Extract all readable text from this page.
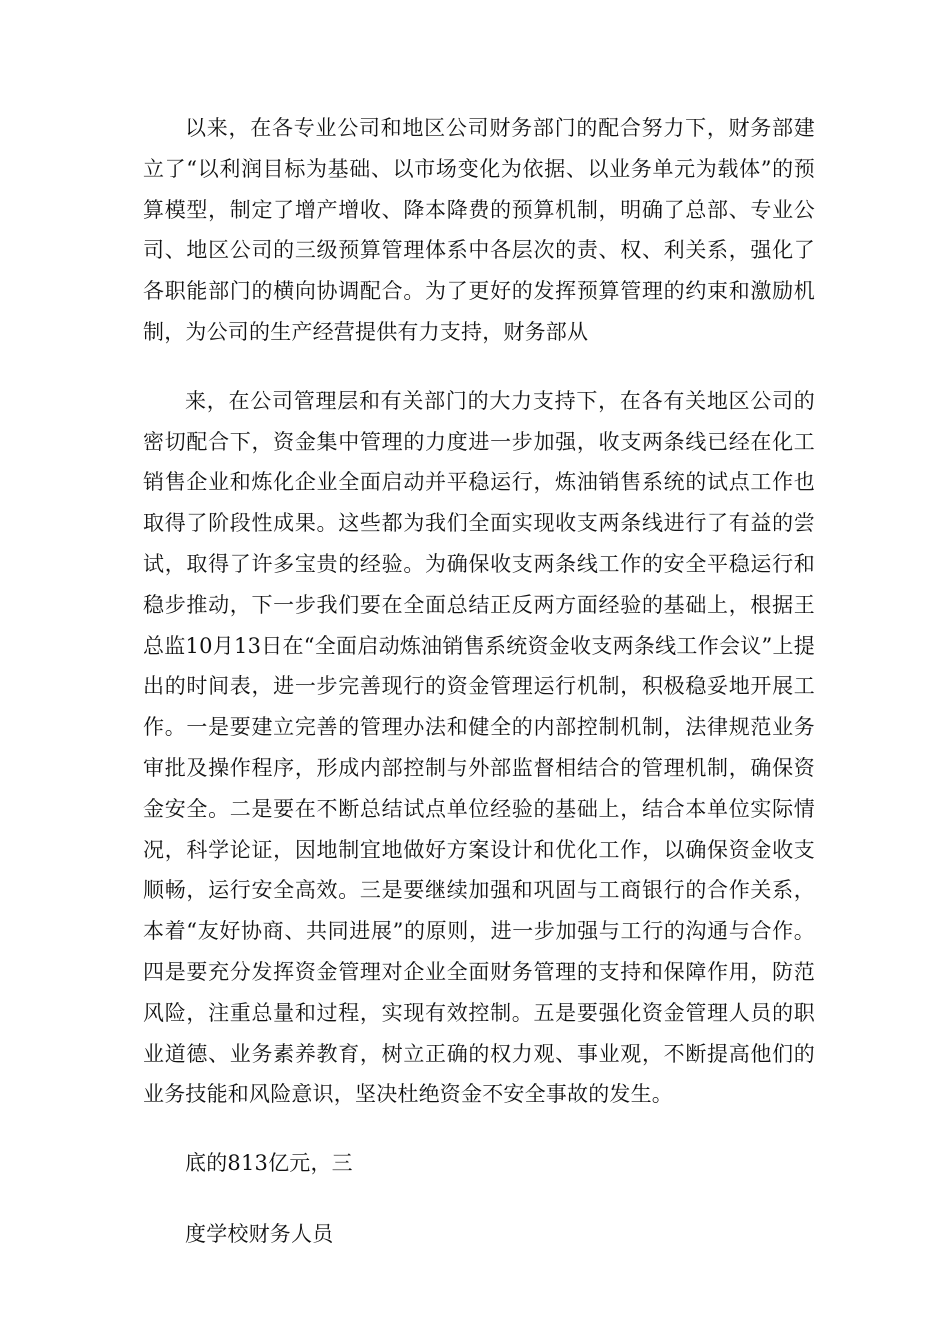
以来，在各专业公司和地区公司财务部门的配合努力下，财务部建立了“以利润目标为基础、以市场变化为依据、以业务单元为载体”的预算模型，制定了增产增收、降本降费的预算机制，明确了总部、专业公司、地区公司的三级预算管理体系中各层次的责、权、利关系，强化了各职能部门的横向协调配合。为了更好的发挥预算管理的约束和激励机制，为公司的生产经营提供有力支持，财务部从

来，在公司管理层和有关部门的大力支持下，在各有关地区公司的密切配合下，资金集中管理的力度进一步加强，收支两条线已经在化工销售企业和炼化企业全面启动并平稳运行，炼油销售系统的试点工作也取得了阶段性成果。这些都为我们全面实现收支两条线进行了有益的尝试，取得了许多宝贵的经验。为确保收支两条线工作的安全平稳运行和稳步推动，下一步我们要在全面总结正反两方面经验的基础上，根据王总监10月13日在“全面启动炼油销售系统资金收支两条线工作会议”上提出的时间表，进一步完善现行的资金管理运行机制，积极稳妥地开展工作。一是要建立完善的管理办法和健全的内部控制机制，法律规范业务审批及操作程序，形成内部控制与外部监督相结合的管理机制，确保资金安全。二是要在不断总结试点单位经验的基础上，结合本单位实际情况，科学论证，因地制宜地做好方案设计和优化工作，以确保资金收支顺畅，运行安全高效。三是要继续加强和巩固与工商银行的合作关系，本着“友好协商、共同进展”的原则，进一步加强与工行的沟通与合作。四是要充分发挥资金管理对企业全面财务管理的支持和保障作用，防范风险，注重总量和过程，实现有效控制。五是要强化资金管理人员的职业道德、业务素养教育，树立正确的权力观、事业观，不断提高他们的业务技能和风险意识，坚决杜绝资金不安全事故的发生。

底的813亿元，三

度学校财务人员
